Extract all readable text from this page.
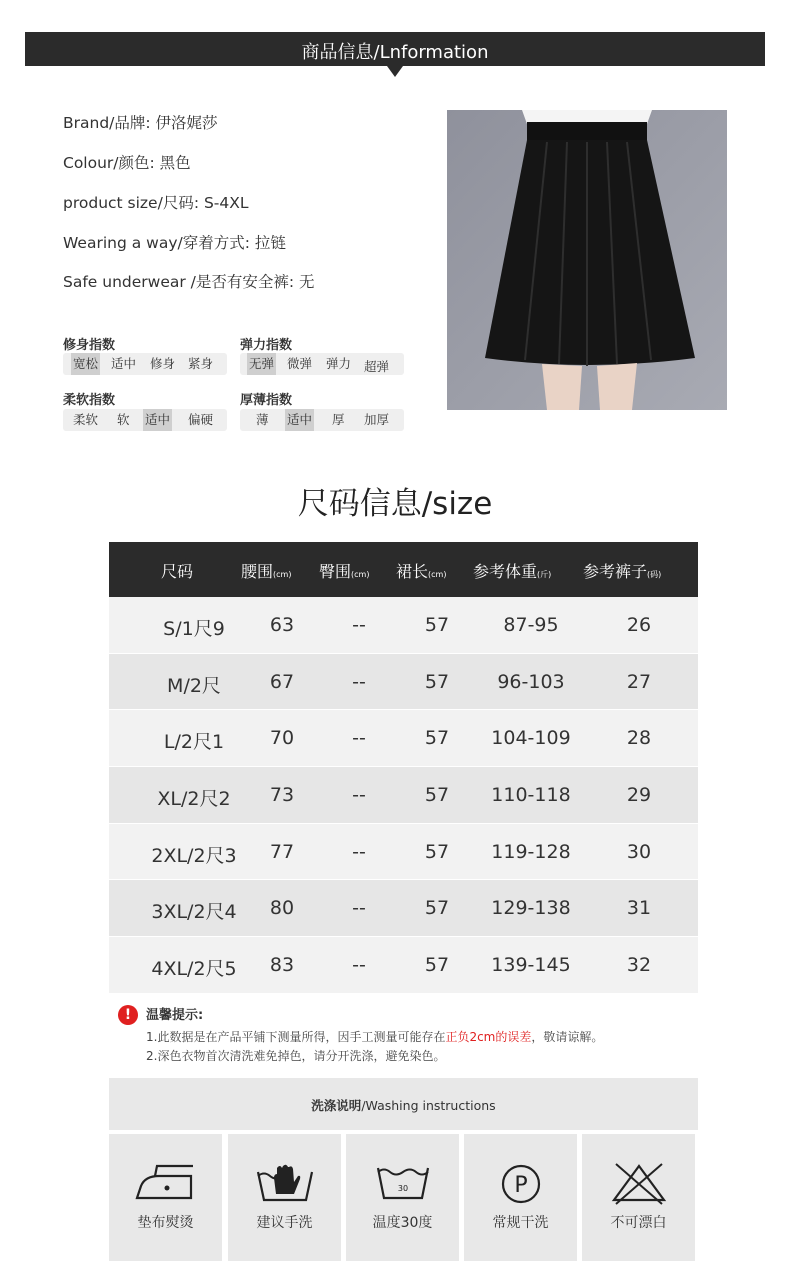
商品信息/Lnformation
Brand/品牌: 伊洛娓莎
Colour/颜色: 黑色
product size/尺码: S-4XL
Wearing a way/穿着方式: 拉链
Safe underwear /是否有安全裤: 无
修身指数
宽松 适中 修身 紧身
弹力指数
无弹 微弹 弹力 超弹
柔软指数
柔软 软 适中 偏硬
厚薄指数
薄 适中 厚 加厚
尺码信息/size
尺码	腰围(cm) 臀围(cm) 裙长(cm) 参考体重(斤) 参考裤子(码)
S/1尺9	63	--	57	87-95	26
M/2尺	67	--	57	96-103	27
L/2尺1	70	--	57	104-109	28
XL/2尺2	73	--	57	110-118	29
2XL/2尺3	77	--	57	119-128	30
3XL/2尺4	80	--	57	129-138	31
4XL/2尺5	83	--	57	139-145	32
!	温馨提示:
1.此数据是在产品平铺下测量所得，因手工测量可能存在正负2cm的误差，敬请谅解。
2.深色衣物首次清洗难免掉色，请分开洗涤，避免染色。
洗涤说明/Washing instructions
垫布熨烫	建议手洗
30
温度30度
P
常规干洗	不可漂白
